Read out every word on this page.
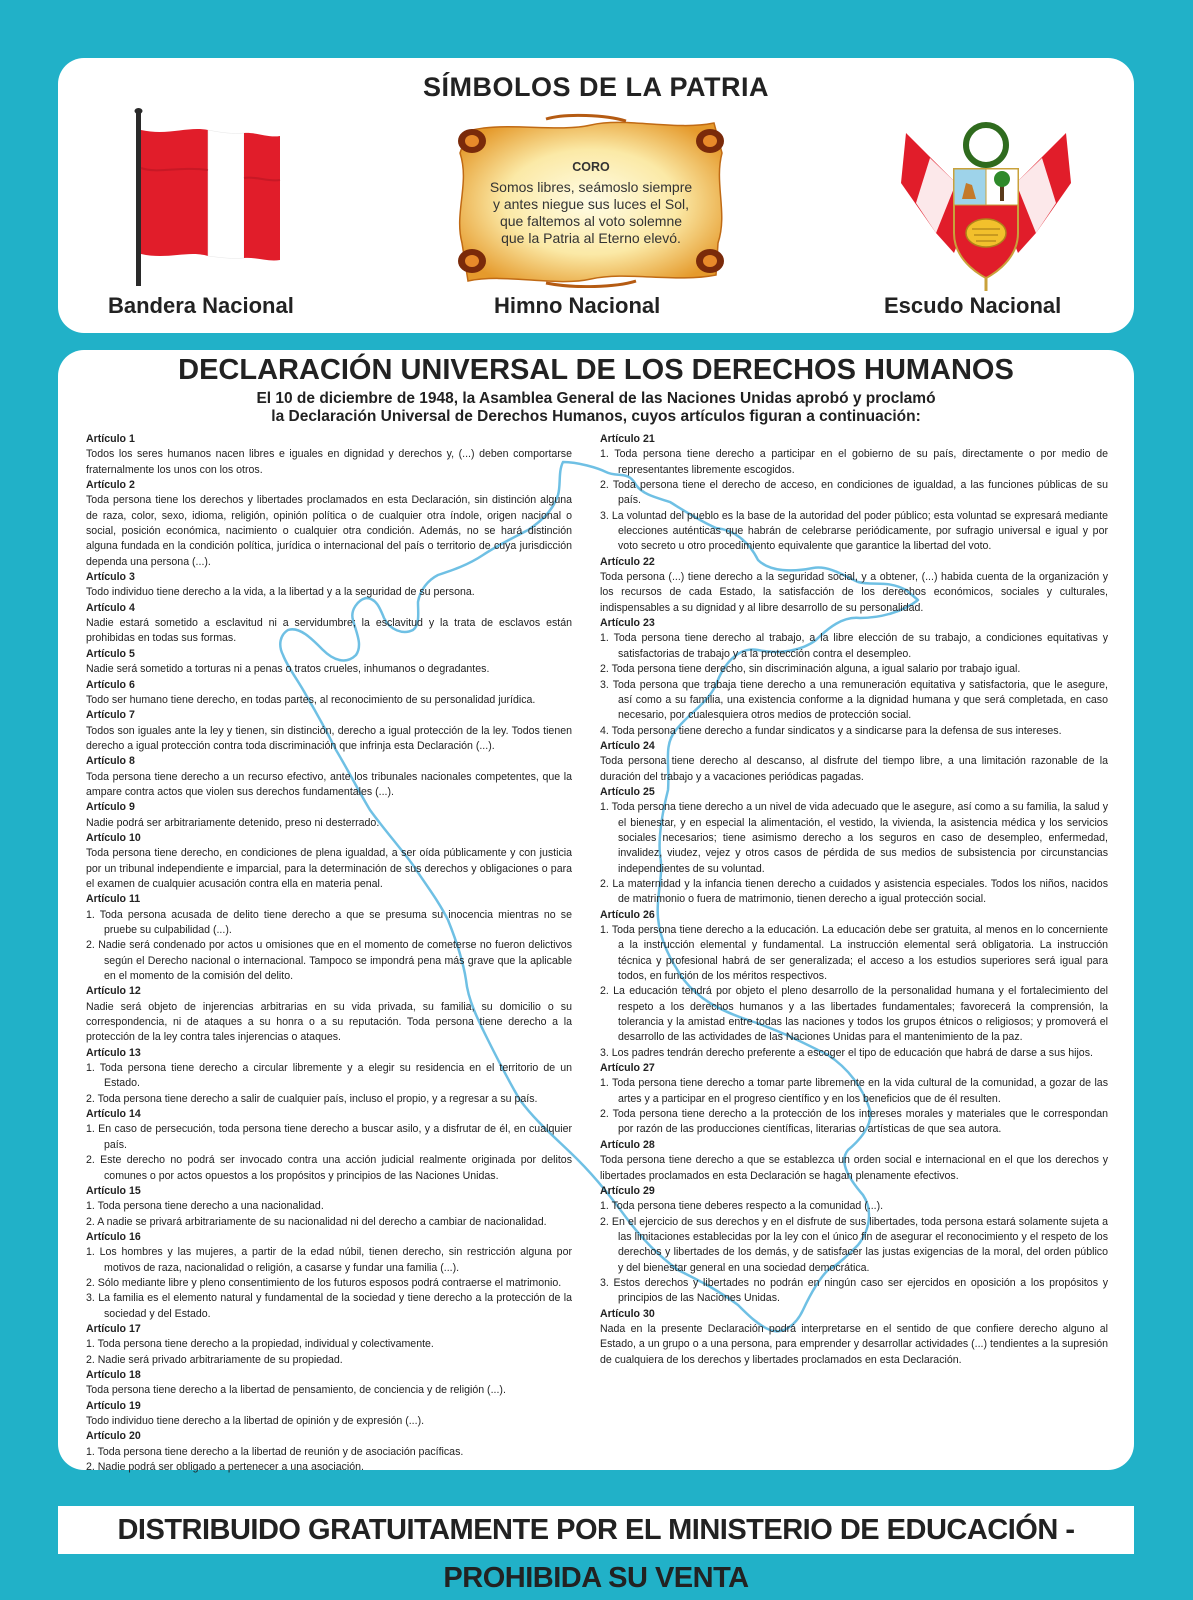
SÍMBOLOS DE LA PATRIA
Bandera Nacional
CORO
Somos libres, seámoslo siempre
y antes niegue sus luces el Sol,
que faltemos al voto solemne
que la Patria al Eterno elevó.
Himno Nacional	Escudo Nacional
DECLARACIÓN UNIVERSAL DE LOS DERECHOS HUMANOS
El 10 de diciembre de 1948, la Asamblea General de las Naciones Unidas aprobó y proclamó
la Declaración Universal de Derechos Humanos, cuyos artículos figuran a continuación:
Artículo 1
Todos los seres humanos nacen libres e iguales en dignidad y derechos y, (...) deben comportarse fraternalmente los unos con los otros.
Artículo 2
Toda persona tiene los derechos y libertades proclamados en esta Declaración, sin distinción alguna de raza, color, sexo, idioma, religión, opinión política o de cualquier otra índole, origen nacional o social, posición económica, nacimiento o cualquier otra condición. Además, no se hará distinción alguna fundada en la condición política, jurídica o internacional del país o territorio de cuya jurisdicción dependa una persona (...).
Artículo 3
Todo individuo tiene derecho a la vida, a la libertad y a la seguridad de su persona.
Artículo 4
Nadie estará sometido a esclavitud ni a servidumbre; la esclavitud y la trata de esclavos están prohibidas en todas sus formas.
Artículo 5
Nadie será sometido a torturas ni a penas o tratos crueles, inhumanos o degradantes.
Artículo 6
Todo ser humano tiene derecho, en todas partes, al reconocimiento de su personalidad jurídica.
Artículo 7
Todos son iguales ante la ley y tienen, sin distinción, derecho a igual protección de la ley. Todos tienen derecho a igual protección contra toda discriminación que infrinja esta Declaración (...).
Artículo 8
Toda persona tiene derecho a un recurso efectivo, ante los tribunales nacionales competentes, que la ampare contra actos que violen sus derechos fundamentales (...).
Artículo 9
Nadie podrá ser arbitrariamente detenido, preso ni desterrado.
Artículo 10
Toda persona tiene derecho, en condiciones de plena igualdad, a ser oída públicamente y con justicia por un tribunal independiente e imparcial, para la determinación de sus derechos y obligaciones o para el examen de cualquier acusación contra ella en materia penal.
Artículo 11
1. Toda persona acusada de delito tiene derecho a que se presuma su inocencia mientras no se pruebe su culpabilidad (...).
2. Nadie será condenado por actos u omisiones que en el momento de cometerse no fueron delictivos según el Derecho nacional o internacional. Tampoco se impondrá pena más grave que la aplicable en el momento de la comisión del delito.
Artículo 12
Nadie será objeto de injerencias arbitrarias en su vida privada, su familia, su domicilio o su correspondencia, ni de ataques a su honra o a su reputación. Toda persona tiene derecho a la protección de la ley contra tales injerencias o ataques.
Artículo 13
1. Toda persona tiene derecho a circular libremente y a elegir su residencia en el territorio de un Estado.
2. Toda persona tiene derecho a salir de cualquier país, incluso el propio, y a regresar a su país.
Artículo 14
1. En caso de persecución, toda persona tiene derecho a buscar asilo, y a disfrutar de él, en cualquier país.
2. Este derecho no podrá ser invocado contra una acción judicial realmente originada por delitos comunes o por actos opuestos a los propósitos y principios de las Naciones Unidas.
Artículo 15
1. Toda persona tiene derecho a una nacionalidad.
2. A nadie se privará arbitrariamente de su nacionalidad ni del derecho a cambiar de nacionalidad.
Artículo 16
1. Los hombres y las mujeres, a partir de la edad núbil, tienen derecho, sin restricción alguna por motivos de raza, nacionalidad o religión, a casarse y fundar una familia (...).
2. Sólo mediante libre y pleno consentimiento de los futuros esposos podrá contraerse el matrimonio.
3. La familia es el elemento natural y fundamental de la sociedad y tiene derecho a la protección de la sociedad y del Estado.
Artículo 17
1. Toda persona tiene derecho a la propiedad, individual y colectivamente.
2. Nadie será privado arbitrariamente de su propiedad.
Artículo 18
Toda persona tiene derecho a la libertad de pensamiento, de conciencia y de religión (...).
Artículo 19
Todo individuo tiene derecho a la libertad de opinión y de expresión (...).
Artículo 20
1. Toda persona tiene derecho a la libertad de reunión y de asociación pacíficas.
2. Nadie podrá ser obligado a pertenecer a una asociación.
Artículo 21
1. Toda persona tiene derecho a participar en el gobierno de su país, directamente o por medio de representantes libremente escogidos.
2. Toda persona tiene el derecho de acceso, en condiciones de igualdad, a las funciones públicas de su país.
3. La voluntad del pueblo es la base de la autoridad del poder público; esta voluntad se expresará mediante elecciones auténticas que habrán de celebrarse periódicamente, por sufragio universal e igual y por voto secreto u otro procedimiento equivalente que garantice la libertad del voto.
Artículo 22
Toda persona (...) tiene derecho a la seguridad social, y a obtener, (...) habida cuenta de la organización y los recursos de cada Estado, la satisfacción de los derechos económicos, sociales y culturales, indispensables a su dignidad y al libre desarrollo de su personalidad.
Artículo 23
1. Toda persona tiene derecho al trabajo, a la libre elección de su trabajo, a condiciones equitativas y satisfactorias de trabajo y a la protección contra el desempleo.
2. Toda persona tiene derecho, sin discriminación alguna, a igual salario por trabajo igual.
3. Toda persona que trabaja tiene derecho a una remuneración equitativa y satisfactoria, que le asegure, así como a su familia, una existencia conforme a la dignidad humana y que será completada, en caso necesario, por cualesquiera otros medios de protección social.
4. Toda persona tiene derecho a fundar sindicatos y a sindicarse para la defensa de sus intereses.
Artículo 24
Toda persona tiene derecho al descanso, al disfrute del tiempo libre, a una limitación razonable de la duración del trabajo y a vacaciones periódicas pagadas.
Artículo 25
1. Toda persona tiene derecho a un nivel de vida adecuado que le asegure, así como a su familia, la salud y el bienestar, y en especial la alimentación, el vestido, la vivienda, la asistencia médica y los servicios sociales necesarios; tiene asimismo derecho a los seguros en caso de desempleo, enfermedad, invalidez, viudez, vejez y otros casos de pérdida de sus medios de subsistencia por circunstancias independientes de su voluntad.
2. La maternidad y la infancia tienen derecho a cuidados y asistencia especiales. Todos los niños, nacidos de matrimonio o fuera de matrimonio, tienen derecho a igual protección social.
Artículo 26
1. Toda persona tiene derecho a la educación. La educación debe ser gratuita, al menos en lo concerniente a la instrucción elemental y fundamental. La instrucción elemental será obligatoria. La instrucción técnica y profesional habrá de ser generalizada; el acceso a los estudios superiores será igual para todos, en función de los méritos respectivos.
2. La educación tendrá por objeto el pleno desarrollo de la personalidad humana y el fortalecimiento del respeto a los derechos humanos y a las libertades fundamentales; favorecerá la comprensión, la tolerancia y la amistad entre todas las naciones y todos los grupos étnicos o religiosos; y promoverá el desarrollo de las actividades de las Naciones Unidas para el mantenimiento de la paz.
3. Los padres tendrán derecho preferente a escoger el tipo de educación que habrá de darse a sus hijos.
Artículo 27
1. Toda persona tiene derecho a tomar parte libremente en la vida cultural de la comunidad, a gozar de las artes y a participar en el progreso científico y en los beneficios que de él resulten.
2. Toda persona tiene derecho a la protección de los intereses morales y materiales que le correspondan por razón de las producciones científicas, literarias o artísticas de que sea autora.
Artículo 28
Toda persona tiene derecho a que se establezca un orden social e internacional en el que los derechos y libertades proclamados en esta Declaración se hagan plenamente efectivos.
Artículo 29
1. Toda persona tiene deberes respecto a la comunidad (...).
2. En el ejercicio de sus derechos y en el disfrute de sus libertades, toda persona estará solamente sujeta a las limitaciones establecidas por la ley con el único fin de asegurar el reconocimiento y el respeto de los derechos y libertades de los demás, y de satisfacer las justas exigencias de la moral, del orden público y del bienestar general en una sociedad democrática.
3. Estos derechos y libertades no podrán en ningún caso ser ejercidos en oposición a los propósitos y principios de las Naciones Unidas.
Artículo 30
Nada en la presente Declaración podrá interpretarse en el sentido de que confiere derecho alguno al Estado, a un grupo o a una persona, para emprender y desarrollar actividades (...) tendientes a la supresión de cualquiera de los derechos y libertades proclamados en esta Declaración.
DISTRIBUIDO GRATUITAMENTE POR EL MINISTERIO DE EDUCACIÓN - PROHIBIDA SU VENTA
